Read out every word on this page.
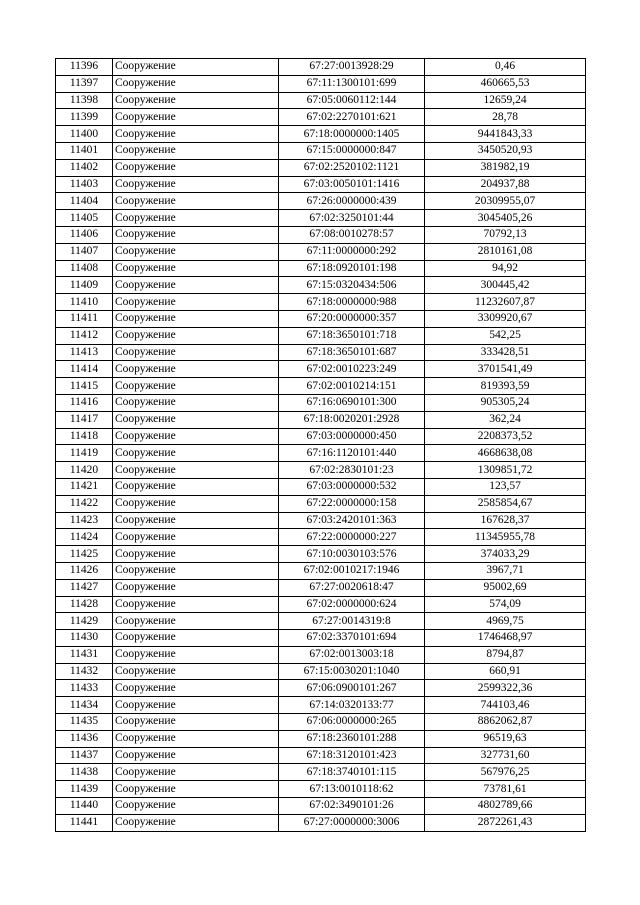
11396	Сооружение	67:27:0013928:29	0,46
11397	Сооружение	67:11:1300101:699	460665,53
11398	Сооружение	67:05:0060112:144	12659,24
11399	Сооружение	67:02:2270101:621	28,78
11400	Сооружение	67:18:0000000:1405	9441843,33
11401	Сооружение	67:15:0000000:847	3450520,93
11402	Сооружение	67:02:2520102:1121	381982,19
11403	Сооружение	67:03:0050101:1416	204937,88
11404	Сооружение	67:26:0000000:439	20309955,07
11405	Сооружение	67:02:3250101:44	3045405,26
11406	Сооружение	67:08:0010278:57	70792,13
11407	Сооружение	67:11:0000000:292	2810161,08
11408	Сооружение	67:18:0920101:198	94,92
11409	Сооружение	67:15:0320434:506	300445,42
11410	Сооружение	67:18:0000000:988	11232607,87
11411	Сооружение	67:20:0000000:357	3309920,67
11412	Сооружение	67:18:3650101:718	542,25
11413	Сооружение	67:18:3650101:687	333428,51
11414	Сооружение	67:02:0010223:249	3701541,49
11415	Сооружение	67:02:0010214:151	819393,59
11416	Сооружение	67:16:0690101:300	905305,24
11417	Сооружение	67:18:0020201:2928	362,24
11418	Сооружение	67:03:0000000:450	2208373,52
11419	Сооружение	67:16:1120101:440	4668638,08
11420	Сооружение	67:02:2830101:23	1309851,72
11421	Сооружение	67:03:0000000:532	123,57
11422	Сооружение	67:22:0000000:158	2585854,67
11423	Сооружение	67:03:2420101:363	167628,37
11424	Сооружение	67:22:0000000:227	11345955,78
11425	Сооружение	67:10:0030103:576	374033,29
11426	Сооружение	67:02:0010217:1946	3967,71
11427	Сооружение	67:27:0020618:47	95002,69
11428	Сооружение	67:02:0000000:624	574,09
11429	Сооружение	67:27:0014319:8	4969,75
11430	Сооружение	67:02:3370101:694	1746468,97
11431	Сооружение	67:02:0013003:18	8794,87
11432	Сооружение	67:15:0030201:1040	660,91
11433	Сооружение	67:06:0900101:267	2599322,36
11434	Сооружение	67:14:0320133:77	744103,46
11435	Сооружение	67:06:0000000:265	8862062,87
11436	Сооружение	67:18:2360101:288	96519,63
11437	Сооружение	67:18:3120101:423	327731,60
11438	Сооружение	67:18:3740101:115	567976,25
11439	Сооружение	67:13:0010118:62	73781,61
11440	Сооружение	67:02:3490101:26	4802789,66
11441	Сооружение	67:27:0000000:3006	2872261,43
